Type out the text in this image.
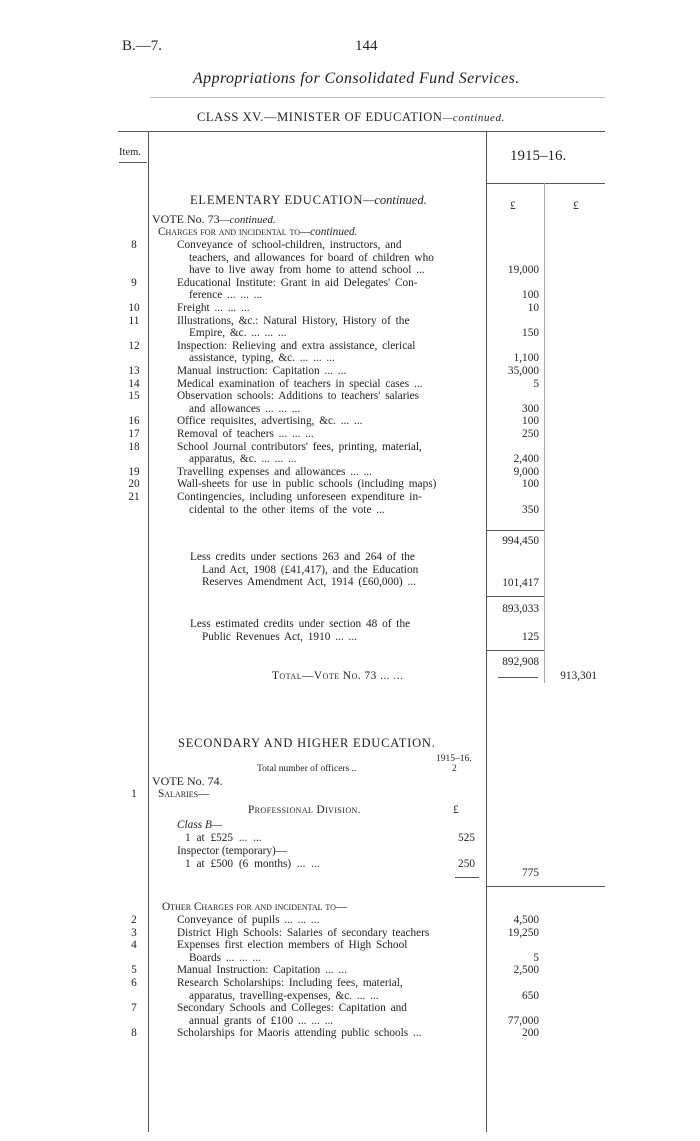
B.—7.	144
Appropriations for Consolidated Fund Services.
CLASS XV.—MINISTER OF EDUCATION—continued.
Item.	1915–16.
£	£
ELEMENTARY EDUCATION—continued.
VOTE No. 73—continued.
Charges for and incidental to—continued.
8	Conveyance of school-children, instructors, and
teachers, and allowances for board of children who
have to live away from home to attend school ...	19,000
9	Educational Institute: Grant in aid Delegates' Con-
ference ... ... ...	100
10	Freight ... ... ...	10
11	Illustrations, &c.: Natural History, History of the
Empire, &c. ... ... ...	150
12	Inspection: Relieving and extra assistance, clerical
assistance, typing, &c. ... ... ...	1,100
13	Manual instruction: Capitation ... ...	35,000
14	Medical examination of teachers in special cases ...	5
15	Observation schools: Additions to teachers' salaries
and allowances ... ... ...	300
16	Office requisites, advertising, &c. ... ...	100
17	Removal of teachers ... ... ...	250
18	School Journal contributors' fees, printing, material,
apparatus, &c. ... ... ...	2,400
19	Travelling expenses and allowances ... ...	9,000
20	Wall-sheets for use in public schools (including maps)	100
21	Contingencies, including unforeseen expenditure in-
cidental to the other items of the vote ...	350
994,450
Less credits under sections 263 and 264 of the
Land Act, 1908 (£41,417), and the Education
Reserves Amendment Act, 1914 (£60,000) ...	101,417
893,033
Less estimated credits under section 48 of the
Public Revenues Act, 1910 ... ...	125
892,908
Total—Vote No. 73 ... ...	913,301
SECONDARY AND HIGHER EDUCATION.
1915–16.
Total number of officers ..	2
VOTE No. 74.
1	Salaries—
Professional Division.	£
Class B—
1 at £525 ... ...	525
Inspector (temporary)—
1 at £500 (6 months) ... ...	250
775
Other Charges for and incidental to—
2	Conveyance of pupils ... ... ...	4,500
3	District High Schools: Salaries of secondary teachers	19,250
4	Expenses first election members of High School
Boards ... ... ...	5
5	Manual Instruction: Capitation ... ...	2,500
6	Research Scholarships: Including fees, material,
apparatus, travelling-expenses, &c. ... ...	650
7	Secondary Schools and Colleges: Capitation and
annual grants of £100 ... ... ...	77,000
8	Scholarships for Maoris attending public schools ...	200
